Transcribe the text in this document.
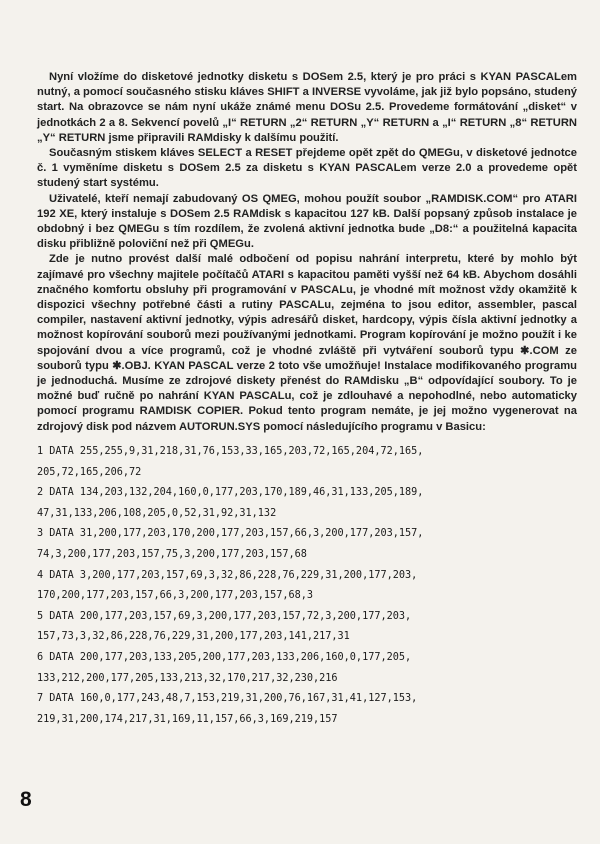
Nyní vložíme do disketové jednotky disketu s DOSem 2.5, který je pro práci s KYAN PASCALem nutný, a pomocí současného stisku kláves SHIFT a INVERSE vyvoláme, jak již bylo popsáno, studený start. Na obrazovce se nám nyní ukáže známé menu DOSu 2.5. Provedeme formátování „disket“ v jednotkách 2 a 8. Sekvencí povelů „I“ RETURN „2“ RETURN „Y“ RETURN a „I“ RETURN „8“ RETURN „Y“ RETURN jsme připravili RAMdisky k dalšímu použití.

Současným stiskem kláves SELECT a RESET přejdeme opět zpět do QMEGu, v disketové jednotce č. 1 vyměníme disketu s DOSem 2.5 za disketu s KYAN PASCALem verze 2.0 a provedeme opět studený start systému.

Uživatelé, kteří nemají zabudovaný OS QMEG, mohou použít soubor „RAMDISK.COM“ pro ATARI 192 XE, který instaluje s DOSem 2.5 RAMdisk s kapacitou 127 kB. Další popsaný způsob instalace je obdobný i bez QMEGu s tím rozdílem, že zvolená aktivní jednotka bude „D8:“ a použitelná kapacita disku přibližně poloviční než při QMEGu.

Zde je nutno provést další malé odbočení od popisu nahrání interpretu, které by mohlo být zajímavé pro všechny majitele počítačů ATARI s kapacitou paměti vyšší než 64 kB. Abychom dosáhli značného komfortu obsluhy při programování v PASCALu, je vhodné mít možnost vždy okamžitě k dispozici všechny potřebné části a rutiny PASCALu, zejména to jsou editor, assembler, pascal compiler, nastavení aktivní jednotky, výpis adresářů disket, hardcopy, výpis čísla aktivní jednotky a možnost kopírování souborů mezi používanými jednotkami. Program kopírování je možno použít i ke spojování dvou a více programů, což je vhodné zvláště při vytváření souborů typu ✱.COM ze souborů typu ✱.OBJ. KYAN PASCAL verze 2 toto vše umožňuje! Instalace modifikovaného programu je jednoduchá. Musíme ze zdrojové diskety přenést do RAMdisku „B“ odpovídající soubory. To je možné buď ručně po nahrání KYAN PASCALu, což je zdlouhavé a nepohodlné, nebo automaticky pomocí programu RAMDISK COPIER. Pokud tento program nemáte, je jej možno vygenerovat na zdrojový disk pod názvem AUTORUN.SYS pomocí následujícího programu v Basicu:

1 DATA 255,255,9,31,218,31,76,153,33,165,203,72,165,204,72,165,
205,72,165,206,72
2 DATA 134,203,132,204,160,0,177,203,170,189,46,31,133,205,189,
47,31,133,206,108,205,0,52,31,92,31,132
3 DATA 31,200,177,203,170,200,177,203,157,66,3,200,177,203,157,
74,3,200,177,203,157,75,3,200,177,203,157,68
4 DATA 3,200,177,203,157,69,3,32,86,228,76,229,31,200,177,203,
170,200,177,203,157,66,3,200,177,203,157,68,3
5 DATA 200,177,203,157,69,3,200,177,203,157,72,3,200,177,203,
157,73,3,32,86,228,76,229,31,200,177,203,141,217,31
6 DATA 200,177,203,133,205,200,177,203,133,206,160,0,177,205,
133,212,200,177,205,133,213,32,170,217,32,230,216
7 DATA 160,0,177,243,48,7,153,219,31,200,76,167,31,41,127,153,
219,31,200,174,217,31,169,11,157,66,3,169,219,157
8
